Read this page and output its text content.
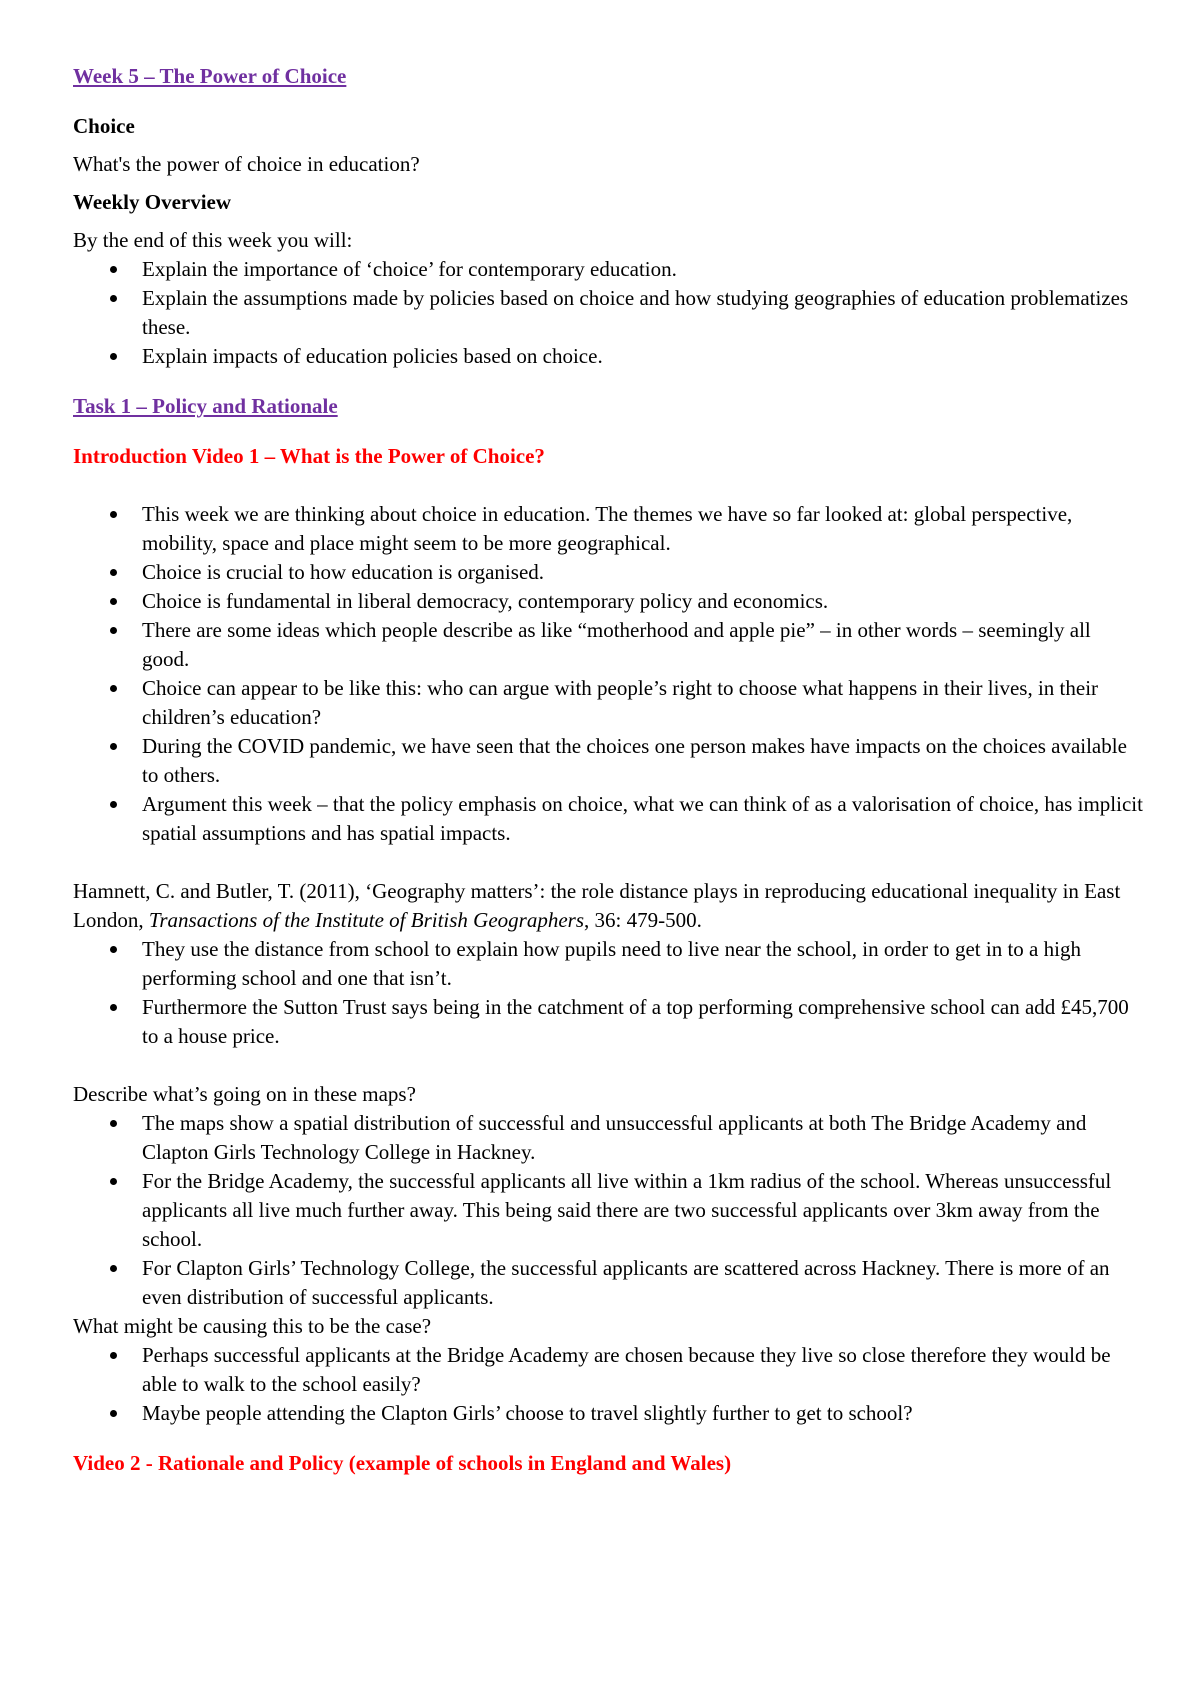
Week 5 – The Power of Choice

Choice

What's the power of choice in education?

Weekly Overview

By the end of this week you will:

Explain the importance of ‘choice’ for contemporary education.
Explain the assumptions made by policies based on choice and how studying geographies of education problematizes these.
Explain impacts of education policies based on choice.

Task 1 – Policy and Rationale

Introduction Video 1 – What is the Power of Choice?

This week we are thinking about choice in education. The themes we have so far looked at: global perspective, mobility, space and place might seem to be more geographical.
Choice is crucial to how education is organised.
Choice is fundamental in liberal democracy, contemporary policy and economics.
There are some ideas which people describe as like “motherhood and apple pie” – in other words – seemingly all good.
Choice can appear to be like this: who can argue with people’s right to choose what happens in their lives, in their children’s education?
During the COVID pandemic, we have seen that the choices one person makes have impacts on the choices available to others.
Argument this week – that the policy emphasis on choice, what we can think of as a valorisation of choice, has implicit spatial assumptions and has spatial impacts.

Hamnett, C. and Butler, T. (2011), ‘Geography matters’: the role distance plays in reproducing educational inequality in East London, Transactions of the Institute of British Geographers, 36: 479-500.

They use the distance from school to explain how pupils need to live near the school, in order to get in to a high performing school and one that isn’t.
Furthermore the Sutton Trust says being in the catchment of a top performing comprehensive school can add £45,700 to a house price.

Describe what’s going on in these maps?

The maps show a spatial distribution of successful and unsuccessful applicants at both The Bridge Academy and Clapton Girls Technology College in Hackney.
For the Bridge Academy, the successful applicants all live within a 1km radius of the school. Whereas unsuccessful applicants all live much further away. This being said there are two successful applicants over 3km away from the school.
For Clapton Girls’ Technology College, the successful applicants are scattered across Hackney. There is more of an even distribution of successful applicants.

What might be causing this to be the case?

Perhaps successful applicants at the Bridge Academy are chosen because they live so close therefore they would be able to walk to the school easily?
Maybe people attending the Clapton Girls’ choose to travel slightly further to get to school?

Video 2 - Rationale and Policy (example of schools in England and Wales)
